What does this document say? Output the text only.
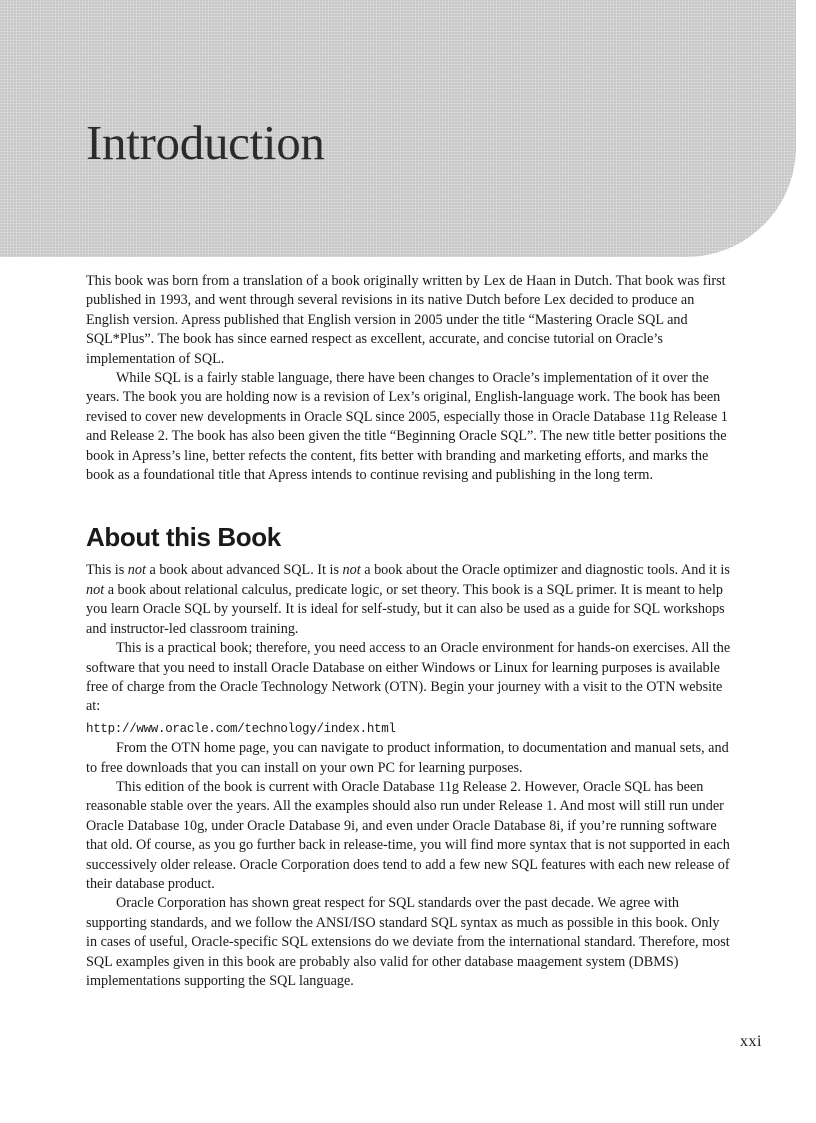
Introduction

This book was born from a translation of a book originally written by Lex de Haan in Dutch. That book was first published in 1993, and went through several revisions in its native Dutch before Lex decided to produce an English version. Apress published that English version in 2005 under the title “Mastering Oracle SQL and SQL*Plus”. The book has since earned respect as excellent, accurate, and concise tutorial on Oracle’s implementation of SQL.

While SQL is a fairly stable language, there have been changes to Oracle’s implementation of it over the years. The book you are holding now is a revision of Lex’s original, English-language work. The book has been revised to cover new developments in Oracle SQL since 2005, especially those in Oracle Database 11g Release 1 and Release 2. The book has also been given the title “Beginning Oracle SQL”. The new title better positions the book in Apress’s line, better refects the content, fits better with branding and marketing efforts, and marks the book as a foundational title that Apress intends to continue revising and publishing in the long term.

About this Book

This is not a book about advanced SQL. It is not a book about the Oracle optimizer and diagnostic tools. And it is not a book about relational calculus, predicate logic, or set theory. This book is a SQL primer. It is meant to help you learn Oracle SQL by yourself. It is ideal for self-study, but it can also be used as a guide for SQL workshops and instructor-led classroom training.

This is a practical book; therefore, you need access to an Oracle environment for hands-on exercises. All the software that you need to install Oracle Database on either Windows or Linux for learning purposes is available free of charge from the Oracle Technology Network (OTN). Begin your journey with a visit to the OTN website at:

http://www.oracle.com/technology/index.html

From the OTN home page, you can navigate to product information, to documentation and manual sets, and to free downloads that you can install on your own PC for learning purposes.

This edition of the book is current with Oracle Database 11g Release 2. However, Oracle SQL has been reasonable stable over the years. All the examples should also run under Release 1. And most will still run under Oracle Database 10g, under Oracle Database 9i, and even under Oracle Database 8i, if you’re running software that old. Of course, as you go further back in release-time, you will find more syntax that is not supported in each successively older release. Oracle Corporation does tend to add a few new SQL features with each new release of their database product.

Oracle Corporation has shown great respect for SQL standards over the past decade. We agree with supporting standards, and we follow the ANSI/ISO standard SQL syntax as much as possible in this book. Only in cases of useful, Oracle-specific SQL extensions do we deviate from the international standard. Therefore, most SQL examples given in this book are probably also valid for other database maagement system (DBMS) implementations supporting the SQL language.

xxi
